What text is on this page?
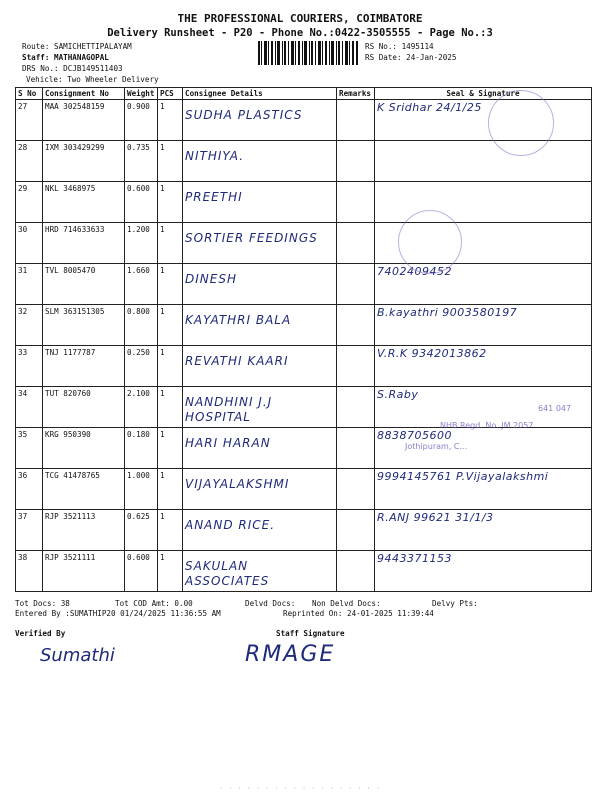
THE PROFESSIONAL COURIERS, COIMBATORE
Delivery Runsheet - P20 - Phone No.:0422-3505555 - Page No.:3
Route: SAMICHETTIPALAYAM
Staff: MATHANAGOPAL
DRS No.: DCJB149511403
Vehicle: Two Wheeler Delivery
RS No.: 1495114
RS Date: 24-Jan-2025
S No	Consignment No	Weight	PCS	Consignee Details	Remarks	Seal & Signature
27	MAA 302548159	0.900	1	SUDHA PLASTICS		K Sridhar 24/1/25

28	IXM 303429299	0.735	1	NITHIYA.		

29	NKL 3468975	0.600	1	PREETHI		

30	HRD 714633633	1.200	1	SORTIER FEEDINGS		

31	TVL 8005470	1.660	1	DINESH		7402409452

32	SLM 363151305	0.800	1	KAYATHRI BALA		B.kayathri 9003580197

33	TNJ 1177787	0.250	1	REVATHI KAARI		V.R.K 9342013862

34	TUT 820760	2.100	1	NANDHINI J.J HOSPITAL		S.Raby

35	KRG 950390	0.180	1	HARI HARAN		8838705600

36	TCG 41478765	1.000	1	VIJAYALAKSHMI		9994145761 P.Vijayalakshmi

37	RJP 3521113	0.625	1	ANAND RICE.		R.ANJ 99621 31/1/3

38	RJP 3521111	0.600	1	SAKULAN ASSOCIATES		9443371153
Jothipuram, C...
641 047
NHB Regd. No. JM 2057
Tot Docs: 38	Tot COD Amt: 0.00	Delvd Docs: Non Delvd Docs:	Delvy Pts:
Entered By :SUMATHIP20 01/24/2025 11:36:55 AM	Reprinted On: 24-01-2025 11:39:44
Verified By	Staff Signature
Sumathi	RMAGE
· · · · · · · · · · · · · · · · · ·
